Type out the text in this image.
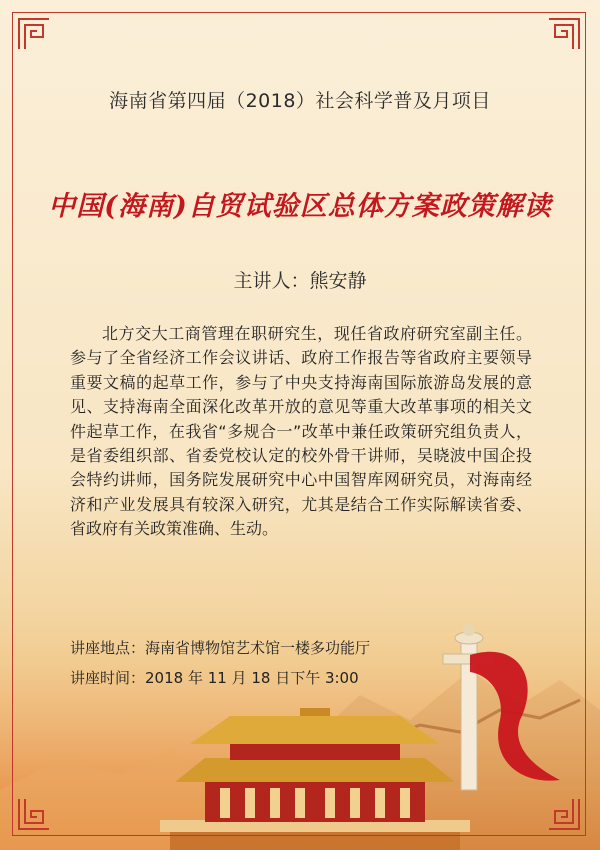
海南省第四届（2018）社会科学普及月项目
中国(海南)自贸试验区总体方案政策解读
主讲人：熊安静
北方交大工商管理在职研究生，现任省政府研究室副主任。参与了全省经济工作会议讲话、政府工作报告等省政府主要领导重要文稿的起草工作，参与了中央支持海南国际旅游岛发展的意见、支持海南全面深化改革开放的意见等重大改革事项的相关文件起草工作，在我省“多规合一”改革中兼任政策研究组负责人，是省委组织部、省委党校认定的校外骨干讲师，吴晓波中国企投会特约讲师，国务院发展研究中心中国智库网研究员，对海南经济和产业发展具有较深入研究，尤其是结合工作实际解读省委、省政府有关政策准确、生动。
讲座地点：海南省博物馆艺术馆一楼多功能厅
讲座时间：2018 年 11 月 18 日下午 3:00
